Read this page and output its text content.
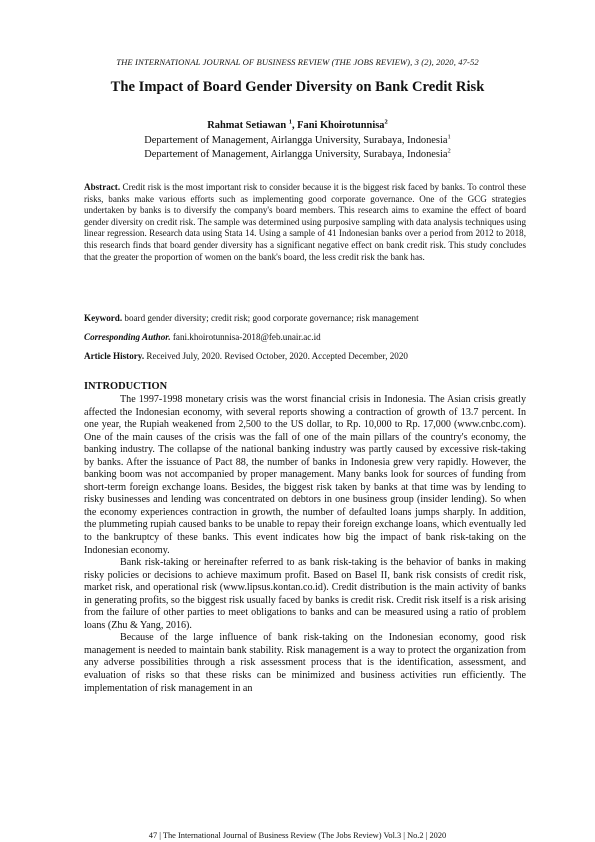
THE INTERNATIONAL JOURNAL OF BUSINESS REVIEW (THE JOBS REVIEW), 3 (2), 2020, 47-52
The Impact of Board Gender Diversity on Bank Credit Risk
Rahmat Setiawan $^1$, Fani Khoirotunnisa$^2$
Departement of Management, Airlangga University, Surabaya, Indonesia$^1$
Departement of Management, Airlangga University, Surabaya, Indonesia$^2$
Abstract. Credit risk is the most important risk to consider because it is the biggest risk faced by banks. To control these risks, banks make various efforts such as implementing good corporate governance. One of the GCG strategies undertaken by banks is to diversify the company's board members. This research aims to examine the effect of board gender diversity on credit risk. The sample was determined using purposive sampling with data analysis techniques using linear regression. Research data using Stata 14. Using a sample of 41 Indonesian banks over a period from 2012 to 2018, this research finds that board gender diversity has a significant negative effect on bank credit risk. This study concludes that the greater the proportion of women on the bank's board, the less credit risk the bank has.
Keyword. board gender diversity; credit risk; good corporate governance; risk management
Corresponding Author. fani.khoirotunnisa-2018@feb.unair.ac.id
Article History. Received July, 2020. Revised October, 2020. Accepted December, 2020
INTRODUCTION

The 1997-1998 monetary crisis was the worst financial crisis in Indonesia. The Asian crisis greatly affected the Indonesian economy, with several reports showing a contraction of growth of 13.7 percent. In one year, the Rupiah weakened from 2,500 to the US dollar, to Rp. 10,000 to Rp. 17,000 (www.cnbc.com). One of the main causes of the crisis was the fall of one of the main pillars of the country's economy, the banking industry. The collapse of the national banking industry was partly caused by excessive risk-taking by banks. After the issuance of Pact 88, the number of banks in Indonesia grew very rapidly. However, the banking boom was not accompanied by proper management. Many banks look for sources of funding from short-term foreign exchange loans. Besides, the biggest risk taken by banks at that time was by lending to risky businesses and lending was concentrated on debtors in one business group (insider lending). So when the economy experiences contraction in growth, the number of defaulted loans jumps sharply. In addition, the plummeting rupiah caused banks to be unable to repay their foreign exchange loans, which eventually led to the bankruptcy of these banks. This event indicates how big the impact of bank risk-taking on the Indonesian economy.

Bank risk-taking or hereinafter referred to as bank risk-taking is the behavior of banks in making risky policies or decisions to achieve maximum profit. Based on Basel II, bank risk consists of credit risk, market risk, and operational risk (www.lipsus.kontan.co.id). Credit distribution is the main activity of banks in generating profits, so the biggest risk usually faced by banks is credit risk. Credit risk itself is a risk arising from the failure of other parties to meet obligations to banks and can be measured using a ratio of problem loans (Zhu & Yang, 2016).

Because of the large influence of bank risk-taking on the Indonesian economy, good risk management is needed to maintain bank stability. Risk management is a way to protect the organization from any adverse possibilities through a risk assessment process that is the identification, assessment, and evaluation of risks so that these risks can be minimized and business activities run efficiently. The implementation of risk management in an

47 | The International Journal of Business Review (The Jobs Review) Vol.3 | No.2 | 2020
